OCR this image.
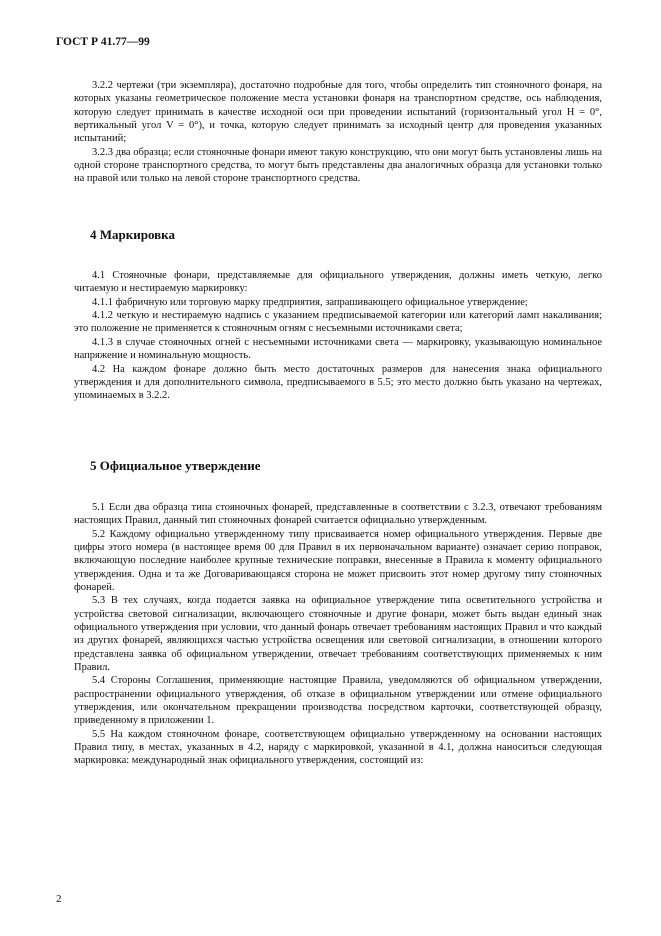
ГОСТ Р 41.77—99

3.2.2 чертежи (три экземпляра), достаточно подробные для того, чтобы определить тип стояночного фонаря, на которых указаны геометрическое положение места установки фонаря на транспортном средстве, ось наблюдения, которую следует принимать в качестве исходной оси при проведении испытаний (горизонтальный угол H = 0°, вертикальный угол V = 0°), и точка, которую следует принимать за исходный центр для проведения указанных испытаний;

3.2.3 два образца; если стояночные фонари имеют такую конструкцию, что они могут быть установлены лишь на одной стороне транспортного средства, то могут быть представлены два аналогичных образца для установки только на правой или только на левой стороне транспортного средства.

4 Маркировка

4.1 Стояночные фонари, представляемые для официального утверждения, должны иметь четкую, легко читаемую и нестираемую маркировку:

4.1.1 фабричную или торговую марку предприятия, запрашивающего официальное утверждение;

4.1.2 четкую и нестираемую надпись с указанием предписываемой категории или категорий ламп накаливания; это положение не применяется к стояночным огням с несъемными источниками света;

4.1.3 в случае стояночных огней с несъемными источниками света — маркировку, указывающую номинальное напряжение и номинальную мощность.

4.2 На каждом фонаре должно быть место достаточных размеров для нанесения знака официального утверждения и для дополнительного символа, предписываемого в 5.5; это место должно быть указано на чертежах, упоминаемых в 3.2.2.

5 Официальное утверждение

5.1 Если два образца типа стояночных фонарей, представленные в соответствии с 3.2.3, отвечают требованиям настоящих Правил, данный тип стояночных фонарей считается официально утвержденным.

5.2 Каждому официально утвержденному типу присваивается номер официального утверждения. Первые две цифры этого номера (в настоящее время 00 для Правил в их первоначальном варианте) означает серию поправок, включающую последние наиболее крупные технические поправки, внесенные в Правила к моменту официального утверждения. Одна и та же Договаривающаяся сторона не может присвоить этот номер другому типу стояночных фонарей.

5.3 В тех случаях, когда подается заявка на официальное утверждение типа осветительного устройства и устройства световой сигнализации, включающего стояночные и другие фонари, может быть выдан единый знак официального утверждения при условии, что данный фонарь отвечает требованиям настоящих Правил и что каждый из других фонарей, являющихся частью устройства освещения или световой сигнализации, в отношении которого представлена заявка об официальном утверждении, отвечает требованиям соответствующих применяемых к ним Правил.

5.4 Стороны Соглашения, применяющие настоящие Правила, уведомляются об официальном утверждении, распространении официального утверждения, об отказе в официальном утверждении или отмене официального утверждения, или окончательном прекращении производства посредством карточки, соответствующей образцу, приведенному в приложении 1.

5.5 На каждом стояночном фонаре, соответствующем официально утвержденному на основании настоящих Правил типу, в местах, указанных в 4.2, наряду с маркировкой, указанной в 4.1, должна наноситься следующая маркировка: международный знак официального утверждения, состоящий из:

2
